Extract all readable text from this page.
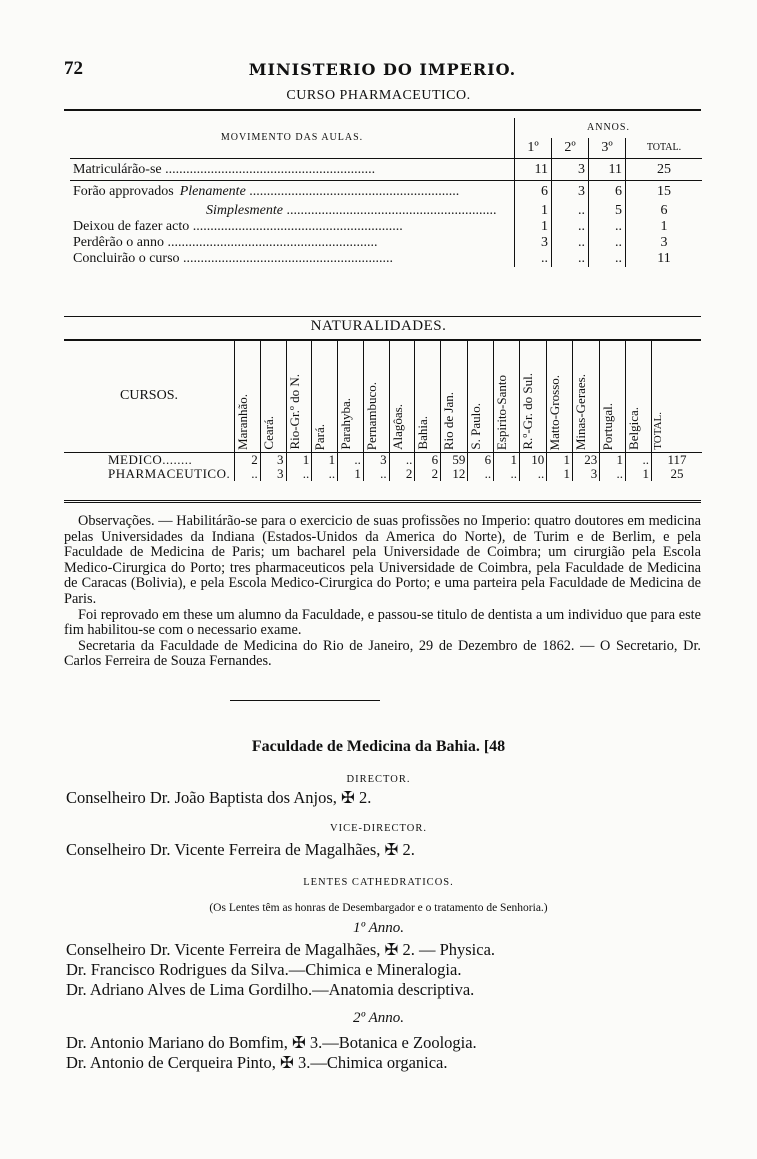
72	MINISTERIO DO IMPERIO.
CURSO PHARMACEUTICO.
MOVIMENTO DAS AULAS.	ANNOS.			
	1º	2º	3º	TOTAL.
Matriculárão-se ............................................................	11	3	11	25
Forão approvados Plenamente ............................................................	6	3	6	15
Simplesmente ............................................................	1	..	5	6
Deixou de fazer acto ............................................................	1	..	..	1
Perdêrão o anno ............................................................	3	..	..	3
Concluirão o curso ............................................................	..	..	..	11
NATURALIDADES.
CURSOS.	Maranhão.	Ceará.	Rio-Gr.º do N.	Pará.	Parahyba.	Pernambuco.	Alagôas.	Bahia.	Rio de Jan.	S. Paulo.	Espirito-Santo	R.º-Gr. do Sul.	Matto-Grosso.	Minas-Geraes.	Portugal.	Belgica.	TOTAL.

MEDICO........	2	3	1	1	..	3	..	6	59	6	1	10	1	23	1	..	117
PHARMACEUTICO.	..	3	..	..	1	..	2	2	12	..	..	..	1	3	..	1	25

Observações. — Habilitárão-se para o exercicio de suas profissões no Imperio: quatro doutores em medicina pelas Universidades da Indiana (Estados-Unidos da America do Norte), de Turim e de Berlim, e pela Faculdade de Medicina de Paris; um bacharel pela Universidade de Coimbra; um cirurgião pela Escola Medico-Cirurgica do Porto; tres pharmaceuticos pela Universidade de Coimbra, pela Faculdade de Medicina de Caracas (Bolivia), e pela Escola Medico-Cirurgica do Porto; e uma parteira pela Faculdade de Medicina de Paris.

Foi reprovado em these um alumno da Faculdade, e passou-se titulo de dentista a um individuo que para este fim habilitou-se com o necessario exame.

Secretaria da Faculdade de Medicina do Rio de Janeiro, 29 de Dezembro de 1862. — O Secretario, Dr. Carlos Ferreira de Souza Fernandes.

Faculdade de Medicina da Bahia. [48
DIRECTOR.
Conselheiro Dr. João Baptista dos Anjos, ✠ 2.
VICE-DIRECTOR.
Conselheiro Dr. Vicente Ferreira de Magalhães, ✠ 2.
LENTES CATHEDRATICOS.
(Os Lentes têm as honras de Desembargador e o tratamento de Senhoria.)
1º Anno.
Conselheiro Dr. Vicente Ferreira de Magalhães, ✠ 2. — Physica.
Dr. Francisco Rodrigues da Silva.—Chimica e Mineralogia.
Dr. Adriano Alves de Lima Gordilho.—Anatomia descriptiva.
2º Anno.
Dr. Antonio Mariano do Bomfim, ✠ 3.—Botanica e Zoologia.
Dr. Antonio de Cerqueira Pinto, ✠ 3.—Chimica organica.
